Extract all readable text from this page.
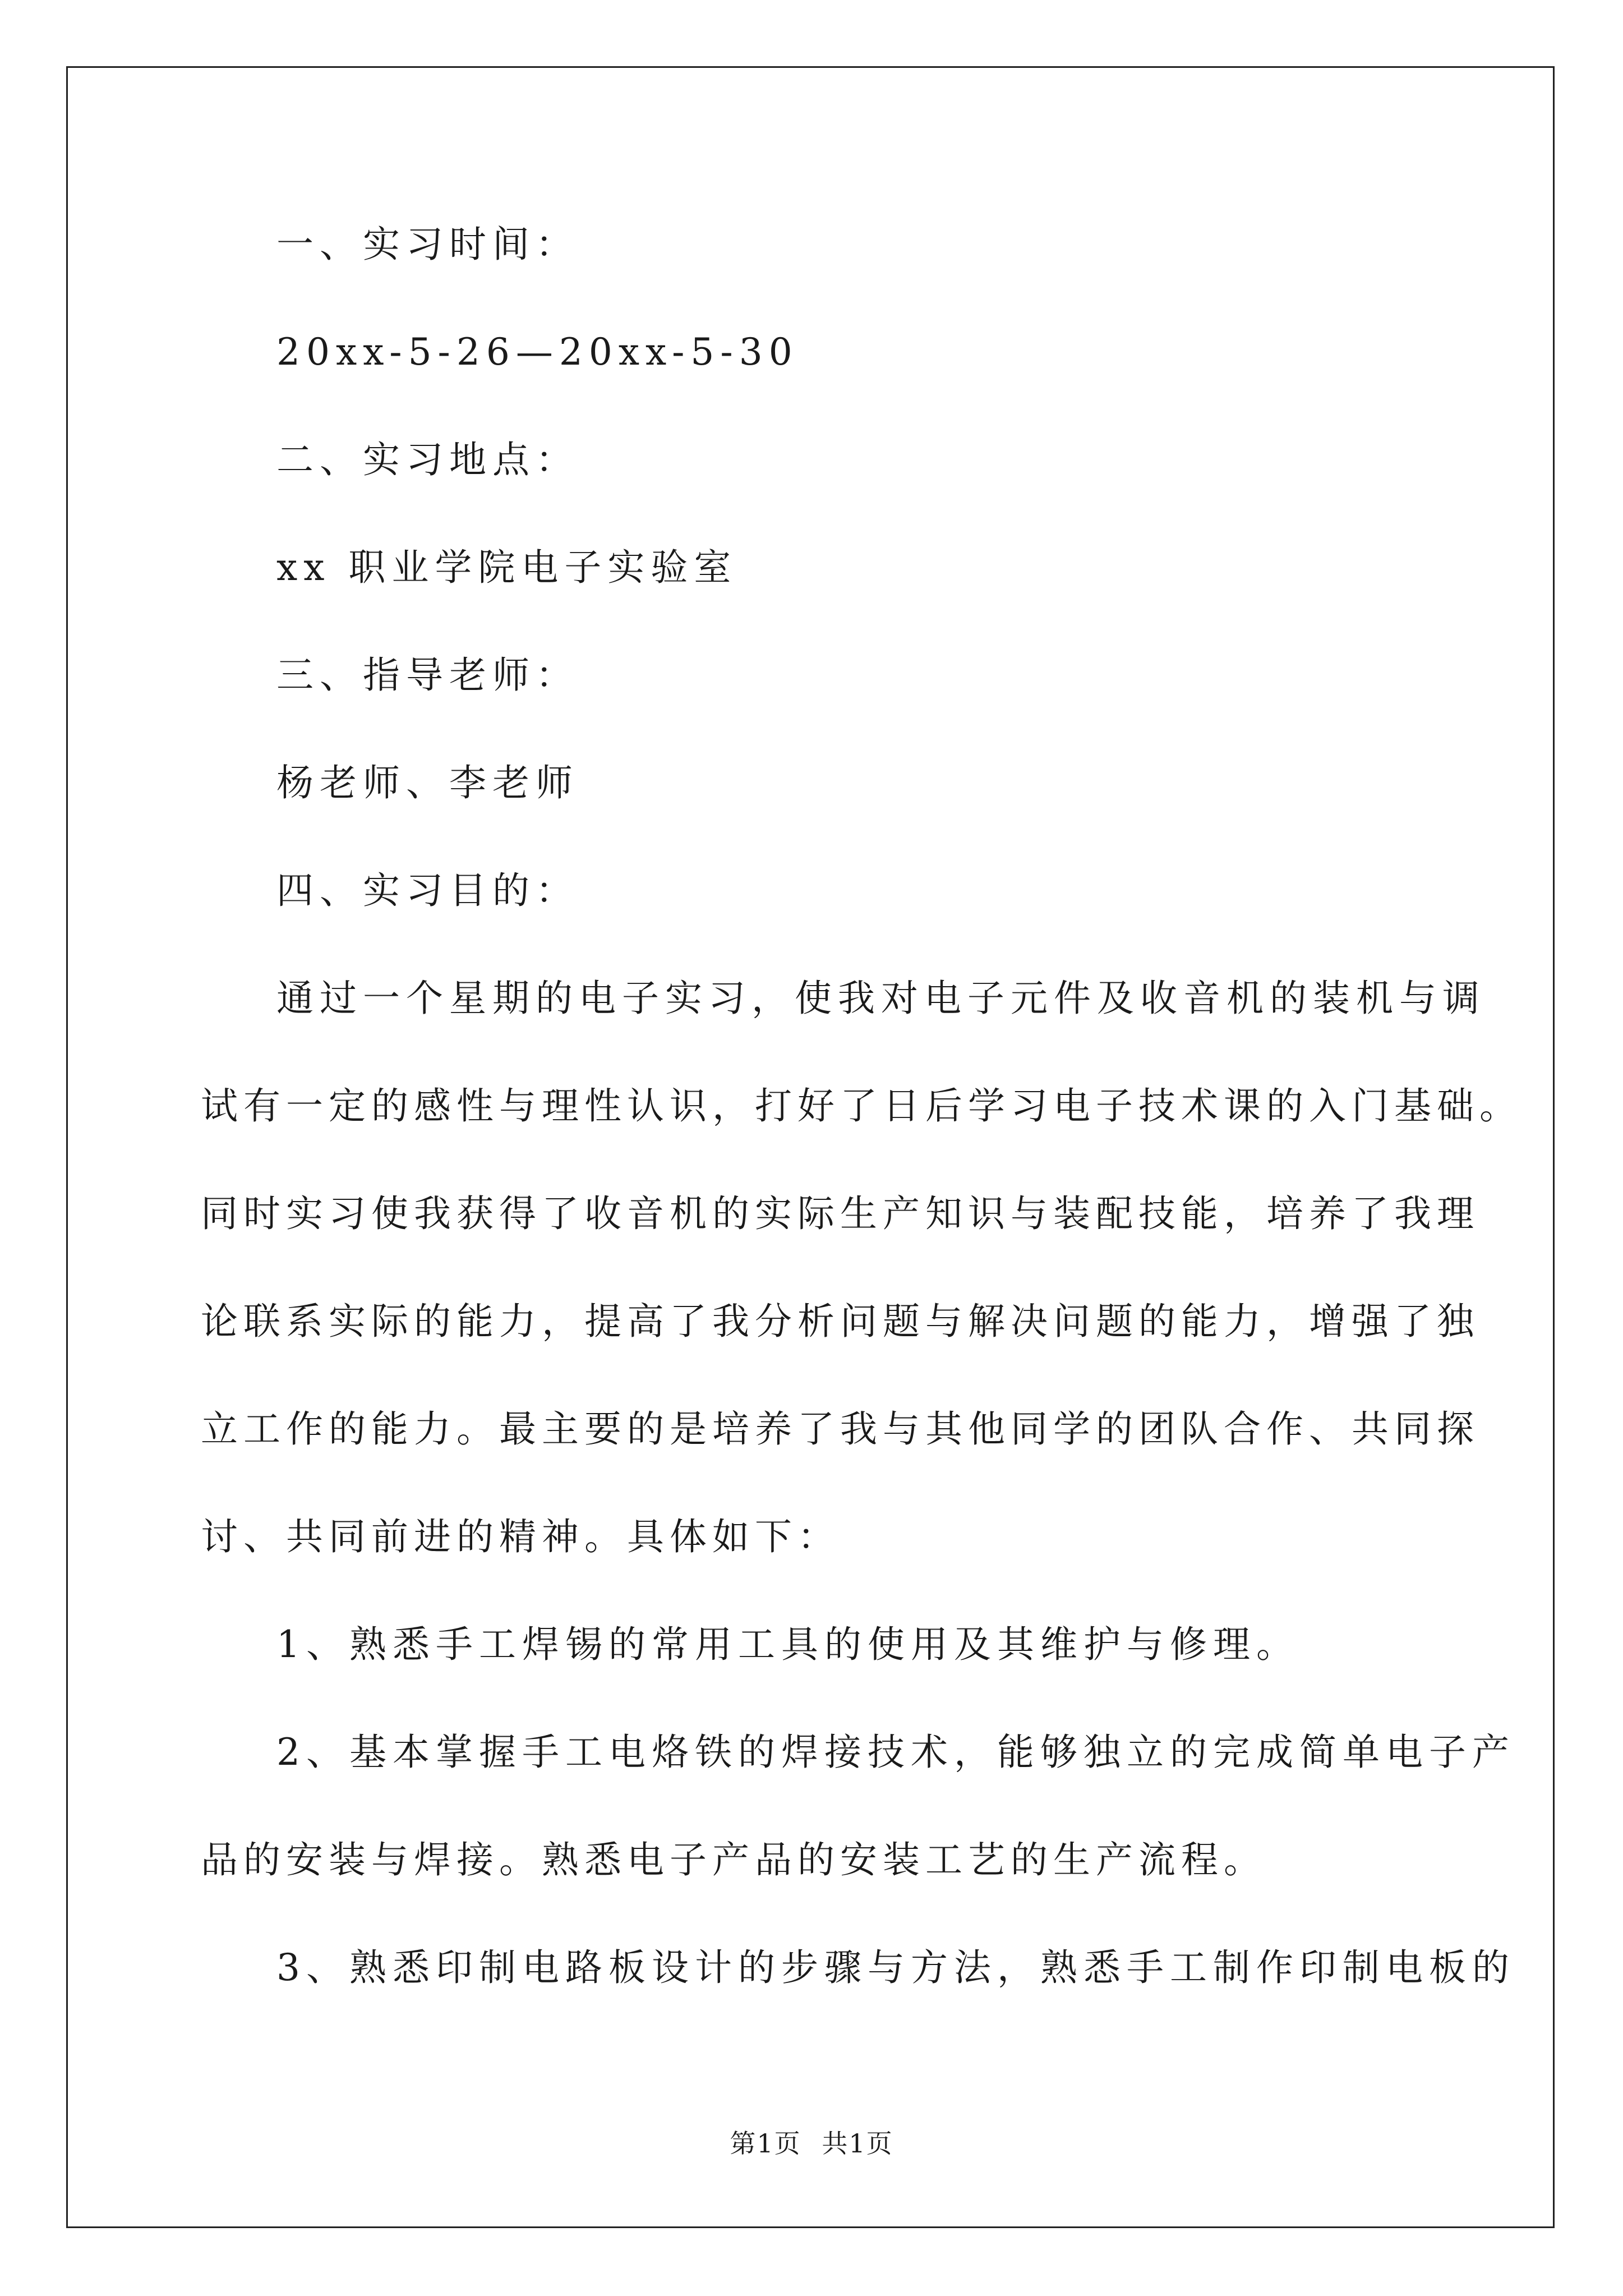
一、实习时间：
20xx-5-26—20xx-5-30
二、实习地点：
xx 职业学院电子实验室
三、指导老师：
杨老师、李老师
四、实习目的：
通过一个星期的电子实习，使我对电子元件及收音机的装机与调
试有一定的感性与理性认识，打好了日后学习电子技术课的入门基础。
同时实习使我获得了收音机的实际生产知识与装配技能，培养了我理
论联系实际的能力，提高了我分析问题与解决问题的能力，增强了独
立工作的能力。最主要的是培养了我与其他同学的团队合作、共同探
讨、共同前进的精神。具体如下：
1、熟悉手工焊锡的常用工具的使用及其维护与修理。
2、基本掌握手工电烙铁的焊接技术，能够独立的完成简单电子产
品的安装与焊接。熟悉电子产品的安装工艺的生产流程。
3、熟悉印制电路板设计的步骤与方法，熟悉手工制作印制电板的
第1页 共1页
